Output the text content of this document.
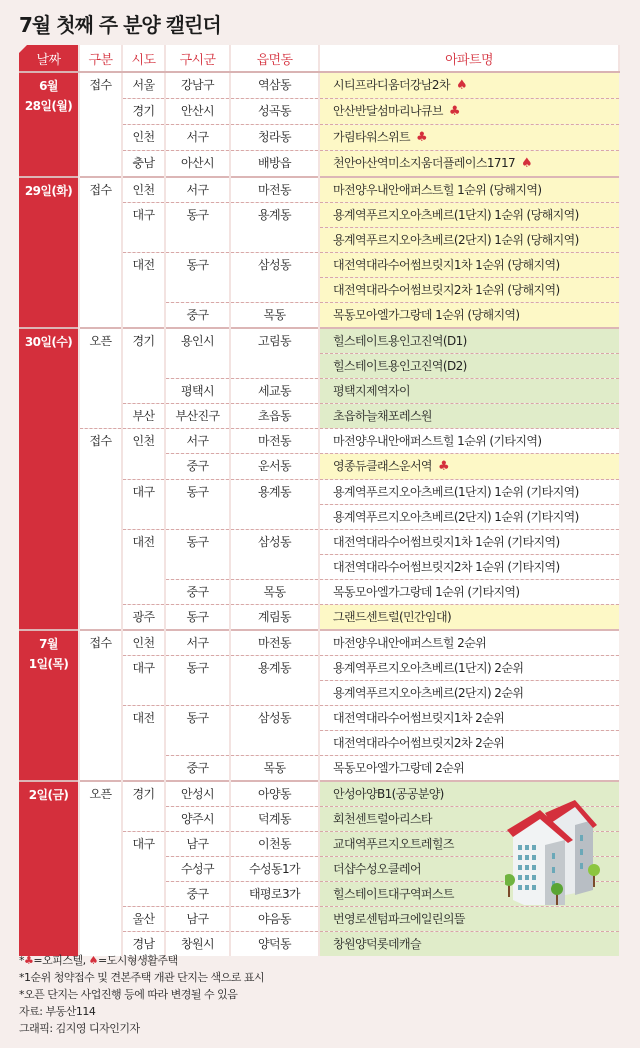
7월 첫째 주 분양 캘린더
날짜	구분	시도	구시군	읍면동	아파트명
6월
28일(월)	접수	서울	강남구	역삼동	시티프라디움더강남2차 ♠
		경기	안산시	성곡동	안산반달섬마리나큐브 ♣
		인천	서구	청라동	가림타워스위트 ♣
		충남	아산시	배방읍	천안아산역미소지움더플레이스1717 ♠
29일(화)	접수	인천	서구	마전동	마전양우내안애퍼스트힐 1순위 (당해지역)
		대구	동구	용계동	용계역푸르지오아츠베르(1단지) 1순위 (당해지역)
					용계역푸르지오아츠베르(2단지) 1순위 (당해지역)
		대전	동구	삼성동	대전역대라수어썸브릿지1차 1순위 (당해지역)
					대전역대라수어썸브릿지2차 1순위 (당해지역)
			중구	목동	목동모아엘가그랑데 1순위 (당해지역)
30일(수)	오픈	경기	용인시	고림동	힐스테이트용인고진역(D1)
					힐스테이트용인고진역(D2)
			평택시	세교동	평택지제역자이
		부산	부산진구	초읍동	초읍하늘채포레스원
	접수	인천	서구	마전동	마전양우내안애퍼스트힐 1순위 (기타지역)
			중구	운서동	영종듀클래스운서역 ♣
		대구	동구	용계동	용계역푸르지오아츠베르(1단지) 1순위 (기타지역)
					용계역푸르지오아츠베르(2단지) 1순위 (기타지역)
		대전	동구	삼성동	대전역대라수어썸브릿지1차 1순위 (기타지역)
					대전역대라수어썸브릿지2차 1순위 (기타지역)
			중구	목동	목동모아엘가그랑데 1순위 (기타지역)
		광주	동구	계림동	그랜드센트럴(민간임대)
7월
1일(목)	접수	인천	서구	마전동	마전양우내안애퍼스트힐 2순위
		대구	동구	용계동	용계역푸르지오아츠베르(1단지) 2순위
					용계역푸르지오아츠베르(2단지) 2순위
		대전	동구	삼성동	대전역대라수어썸브릿지1차 2순위
					대전역대라수어썸브릿지2차 2순위
			중구	목동	목동모아엘가그랑데 2순위
2일(금)	오픈	경기	안성시	아양동	안성아양B1(공공분양)
			양주시	덕계동	회천센트럴아리스타
		대구	남구	이천동	교대역푸르지오트레힐즈
			수성구	수성동1가	더샵수성오클레어
			중구	태평로3가	힐스테이트대구역퍼스트
		울산	남구	야음동	번영로센텀파크에일린의뜰
		경남	창원시	양덕동	창원양덕롯데캐슬
*♣=오피스텔, ♠=도시형생활주택
*1순위 청약접수 및 견본주택 개관 단지는 색으로 표시
*오픈 단지는 사업진행 등에 따라 변경될 수 있음
자료: 부동산114
그래픽: 김지영 디자인기자
